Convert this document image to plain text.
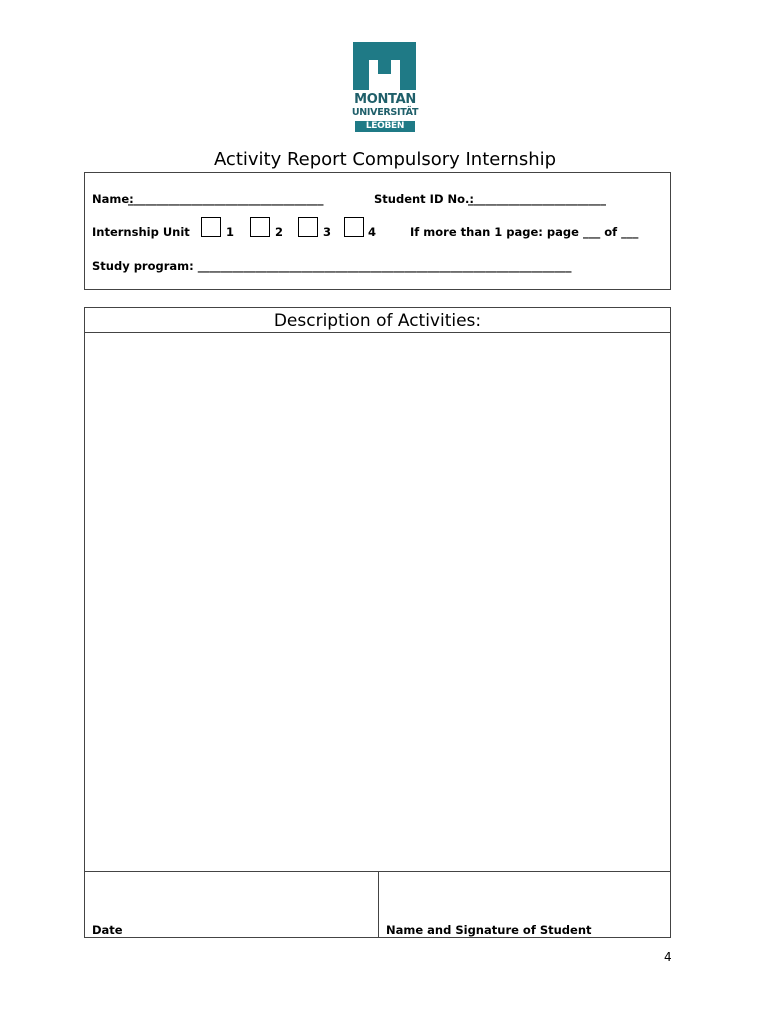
MONTAN
UNIVERSITÄT
LEOBEN
Activity Report Compulsory Internship
Name:
__________________________________	Student ID No.:
________________________
Internship Unit	1	2	3	4	If more than 1 page: page ___ of ___
Study program: _________________________________________________________________
Description of Activities:
Date	Name and Signature of Student
4
